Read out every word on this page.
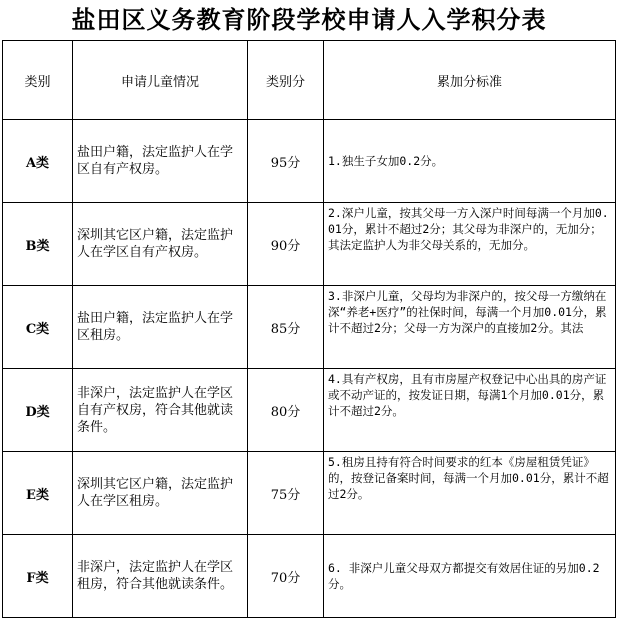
盐田区义务教育阶段学校申请人入学积分表
类别	申请儿童情况	类别分	累加分标准
A类	盐田户籍，法定监护人在学区自有产权房。	95分	1.独生子女加0.2分。
B类	深圳其它区户籍，法定监护人在学区自有产权房。	90分	2.深户儿童，按其父母一方入深户时间每满一个月加0.01分，累计不超过2分；其父母为非深户的，无加分；其法定监护人为非父母关系的，无加分。
C类	盐田户籍，法定监护人在学区租房。	85分	3.非深户儿童，父母均为非深户的，按父母一方缴纳在深“养老+医疗”的社保时间，每满一个月加0.01分，累计不超过2分；父母一方为深户的直接加2分。其法
D类	非深户，法定监护人在学区自有产权房，符合其他就读条件。	80分	4.具有产权房，且有市房屋产权登记中心出具的房产证或不动产证的，按发证日期，每满1个月加0.01分，累计不超过2分。
E类	深圳其它区户籍，法定监护人在学区租房。	75分	5.租房且持有符合时间要求的红本《房屋租赁凭证》的，按登记备案时间，每满一个月加0.01分，累计不超过2分。
F类	非深户，法定监护人在学区租房，符合其他就读条件。	70分	6. 非深户儿童父母双方都提交有效居住证的另加0.2分。
